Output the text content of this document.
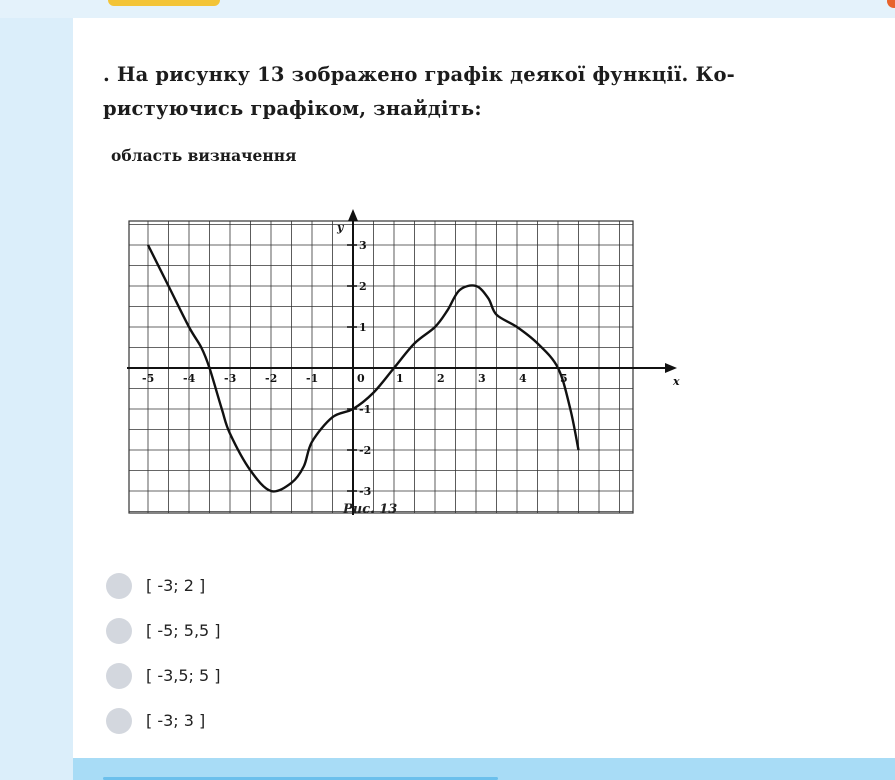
. На рисунку 13 зображено графік деякої функції. Ко-
ристуючись графіком, знайдіть:
область визначення
x
y
-5	-4	-3	-2	-1	0	1	2	3	4	5
3
2
1
-1
-2
-3
Рис. 13
[ -3; 2 ]
[ -5; 5,5 ]
[ -3,5; 5 ]
[ -3; 3 ]
